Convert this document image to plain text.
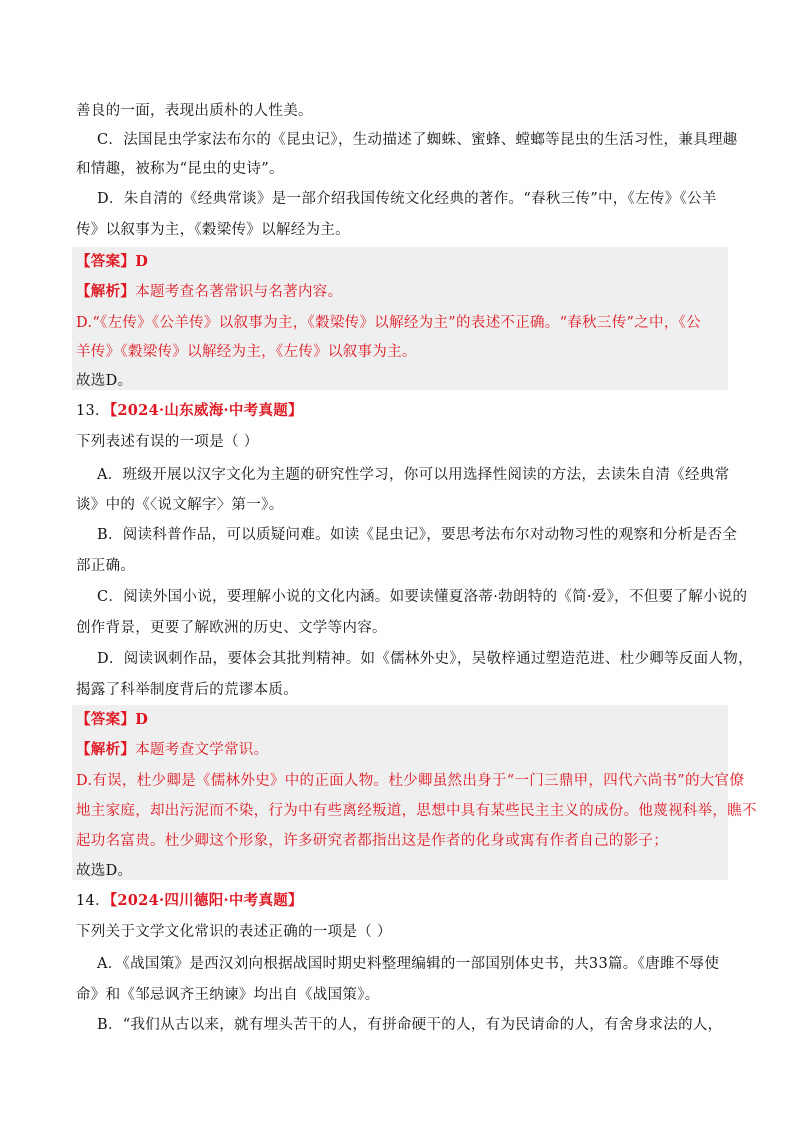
善良的一面，表现出质朴的人性美。
C．法国昆虫学家法布尔的《昆虫记》，生动描述了蜘蛛、蜜蜂、螳螂等昆虫的生活习性，兼具理趣
和情趣，被称为“昆虫的史诗”。
D．朱自清的《经典常谈》是一部介绍我国传统文化经典的著作。“春秋三传”中，《左传》《公羊
传》以叙事为主，《穀梁传》以解经为主。
【答案】D
【解析】本题考查名著常识与名著内容。
D.“《左传》《公羊传》以叙事为主，《穀梁传》以解经为主”的表述不正确。“春秋三传”之中，《公
羊传》《穀梁传》以解经为主，《左传》以叙事为主。
故选D。
13．【2024·山东威海·中考真题】
下列表述有误的一项是（ ）
A．班级开展以汉字文化为主题的研究性学习，你可以用选择性阅读的方法，去读朱自清《经典常
谈》中的《〈说文解字〉第一》。
B．阅读科普作品，可以质疑问难。如读《昆虫记》，要思考法布尔对动物习性的观察和分析是否全
部正确。
C．阅读外国小说，要理解小说的文化内涵。如要读懂夏洛蒂·勃朗特的《简·爱》，不但要了解小说的
创作背景，更要了解欧洲的历史、文学等内容。
D．阅读讽刺作品，要体会其批判精神。如《儒林外史》，吴敬梓通过塑造范进、杜少卿等反面人物，
揭露了科举制度背后的荒谬本质。
【答案】D
【解析】本题考查文学常识。
D.有误，杜少卿是《儒林外史》中的正面人物。杜少卿虽然出身于“一门三鼎甲，四代六尚书”的大官僚
地主家庭，却出污泥而不染，行为中有些离经叛道，思想中具有某些民主主义的成份。他蔑视科举，瞧不
起功名富贵。杜少卿这个形象，许多研究者都指出这是作者的化身或寓有作者自己的影子；
故选D。
14．【2024·四川德阳·中考真题】
下列关于文学文化常识的表述正确的一项是（ ）
A．《战国策》是西汉刘向根据战国时期史料整理编辑的一部国别体史书，共33篇。《唐雎不辱使
命》和《邹忌讽齐王纳谏》均出自《战国策》。
B．“我们从古以来，就有埋头苦干的人，有拼命硬干的人，有为民请命的人，有舍身求法的人，
